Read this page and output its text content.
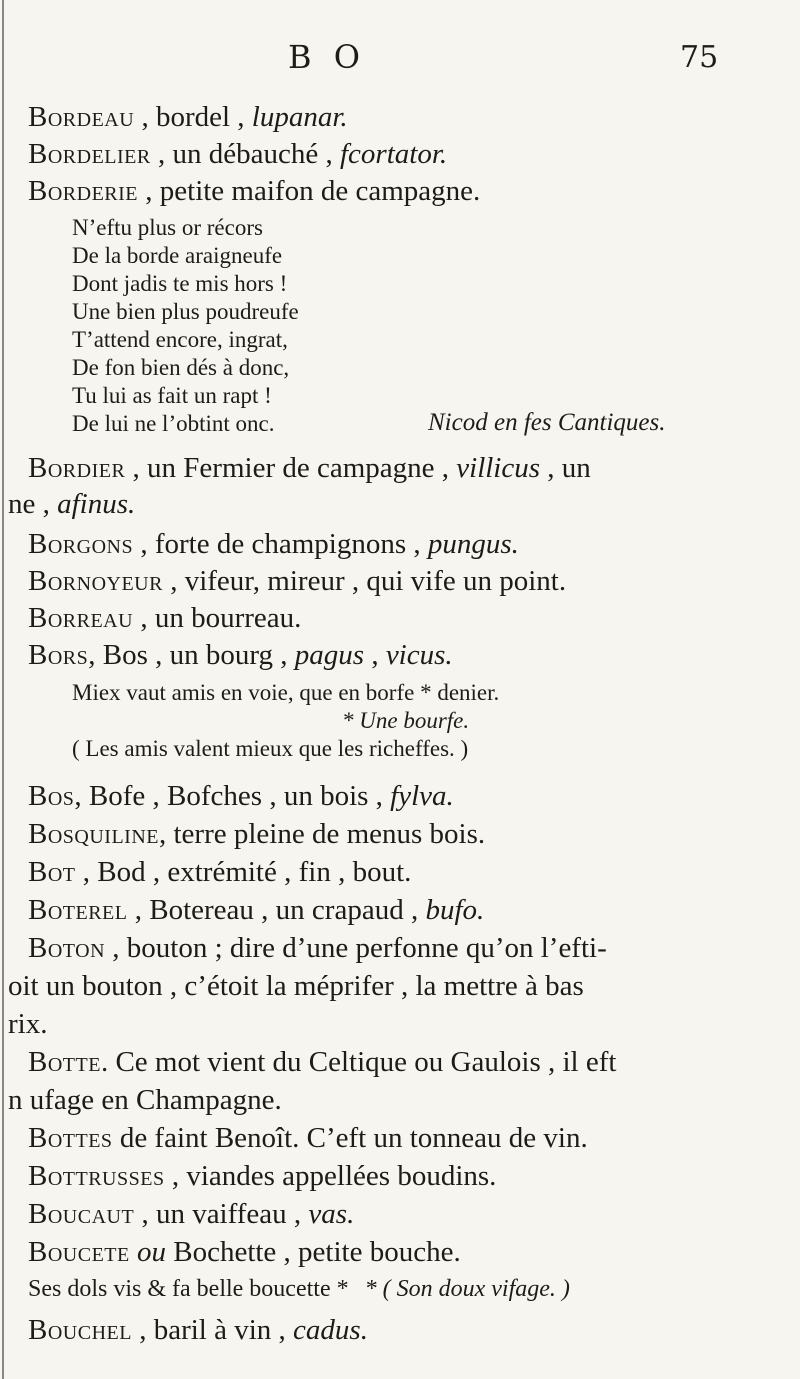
B O	75
Bordeau , bordel , lupanar.
Bordelier , un débauché , fcortator.
Borderie , petite maifon de campagne.
N’eftu plus or récors
De la borde araigneufe
Dont jadis te mis hors !
Une bien plus poudreufe
T’attend encore, ingrat,
De fon bien dés à donc,
Tu lui as fait un rapt !
De lui ne l’obtint onc.	Nicod en fes Cantiques.
Bordier , un Fermier de campagne , villicus , un
ne , afinus.
Borgons , forte de champignons , pungus.
Bornoyeur , vifeur, mireur , qui vife un point.
Borreau , un bourreau.
Bors, Bos , un bourg , pagus , vicus.
Miex vaut amis en voie, que en borfe * denier.
* Une bourfe.
( Les amis valent mieux que les richeffes. )
Bos, Bofe , Bofches , un bois , fylva.
Bosquiline, terre pleine de menus bois.
Bot , Bod , extrémité , fin , bout.
Boterel , Botereau , un crapaud , bufo.
Boton , bouton ; dire d’une perfonne qu’on l’efti-
oit un bouton , c’étoit la méprifer , la mettre à bas
rix.
Botte. Ce mot vient du Celtique ou Gaulois , il eft
n ufage en Champagne.
Bottes de faint Benoît. C’eft un tonneau de vin.
Bottrusses , viandes appellées boudins.
Boucaut , un vaiffeau , vas.
Boucete ou Bochette , petite bouche.
Ses dols vis & fa belle boucette * * ( Son doux vifage. )
Bouchel , baril à vin , cadus.
